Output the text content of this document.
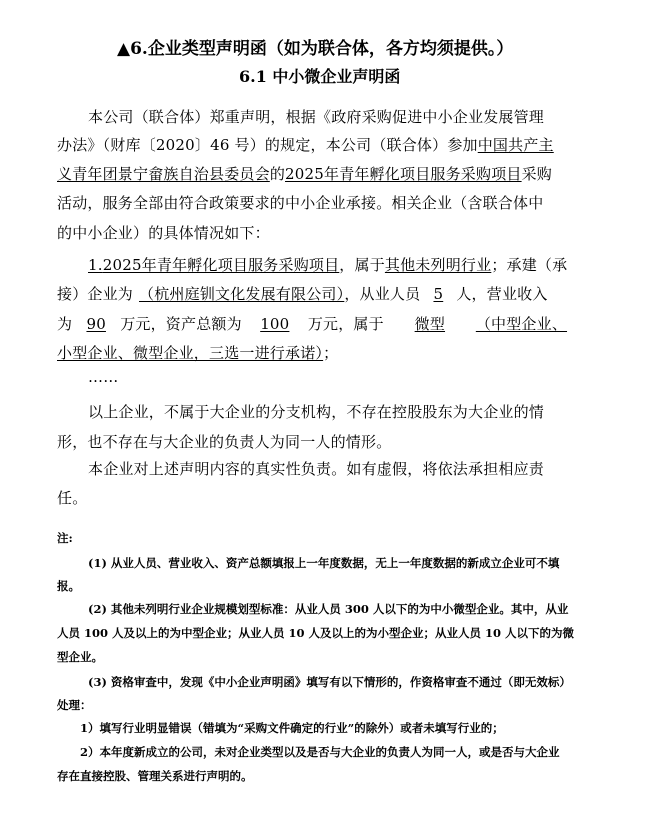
▲6.企业类型声明函（如为联合体，各方均须提供。）
6.1 中小微企业声明函
本公司（联合体）郑重声明，根据《政府采购促进中小企业发展管理
办法》（财库〔2020〕46 号）的规定，本公司（联合体）参加中国共产主
义青年团景宁畲族自治县委员会的2025年青年孵化项目服务采购项目采购
活动，服务全部由符合政策要求的中小企业承接。相关企业（含联合体中
的中小企业）的具体情况如下：
1.2025年青年孵化项目服务采购项目，属于其他未列明行业；承建（承
接）企业为 （杭州庭钏文化发展有限公司），从业人员 5 人，营业收入
为 90 万元，资产总额为 100 万元，属于 微型 （中型企业、
小型企业、微型企业，三选一进行承诺）；
……
以上企业，不属于大企业的分支机构，不存在控股股东为大企业的情
形，也不存在与大企业的负责人为同一人的情形。
本企业对上述声明内容的真实性负责。如有虚假，将依法承担相应责
任。
注:
(1) 从业人员、营业收入、资产总额填报上一年度数据，无上一年度数据的新成立企业可不填
报。
(2) 其他未列明行业企业规模划型标准：从业人员 300 人以下的为中小微型企业。其中，从业
人员 100 人及以上的为中型企业；从业人员 10 人及以上的为小型企业；从业人员 10 人以下的为微
型企业。
(3) 资格审查中，发现《中小企业声明函》填写有以下情形的，作资格审查不通过（即无效标）
处理：
1）填写行业明显错误（错填为“采购文件确定的行业”的除外）或者未填写行业的；
2）本年度新成立的公司，未对企业类型以及是否与大企业的负责人为同一人，或是否与大企业
存在直接控股、管理关系进行声明的。
